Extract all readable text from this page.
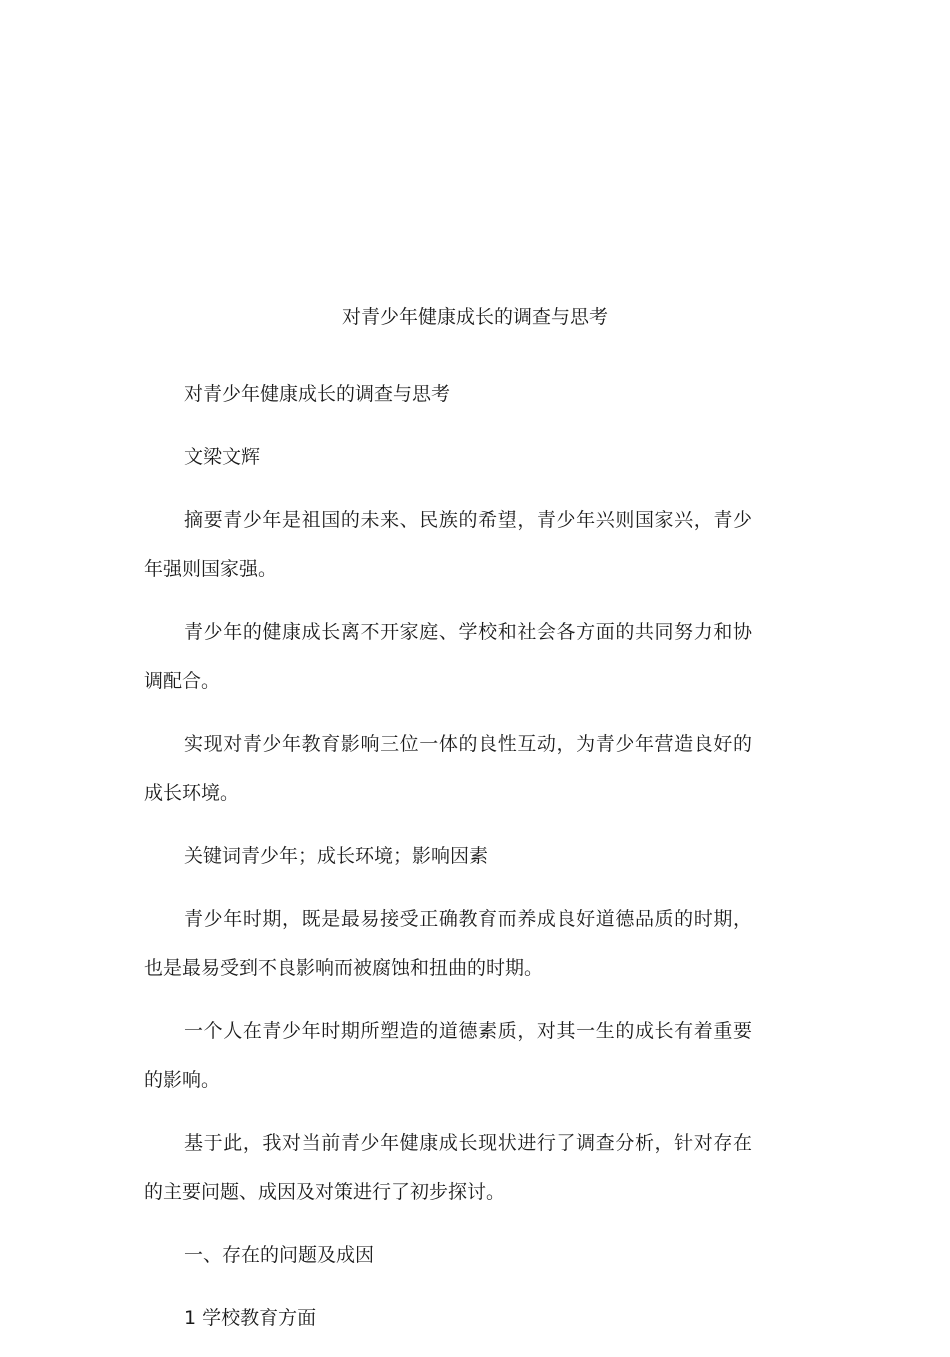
对青少年健康成长的调查与思考

对青少年健康成长的调查与思考

文梁文辉

摘要青少年是祖国的未来、民族的希望，青少年兴则国家兴，青少年强则国家强。

青少年的健康成长离不开家庭、学校和社会各方面的共同努力和协调配合。

实现对青少年教育影响三位一体的良性互动，为青少年营造良好的成长环境。

关键词青少年；成长环境；影响因素

青少年时期，既是最易接受正确教育而养成良好道德品质的时期，也是最易受到不良影响而被腐蚀和扭曲的时期。

一个人在青少年时期所塑造的道德素质，对其一生的成长有着重要的影响。

基于此，我对当前青少年健康成长现状进行了调查分析，针对存在的主要问题、成因及对策进行了初步探讨。

一、存在的问题及成因

1 学校教育方面
